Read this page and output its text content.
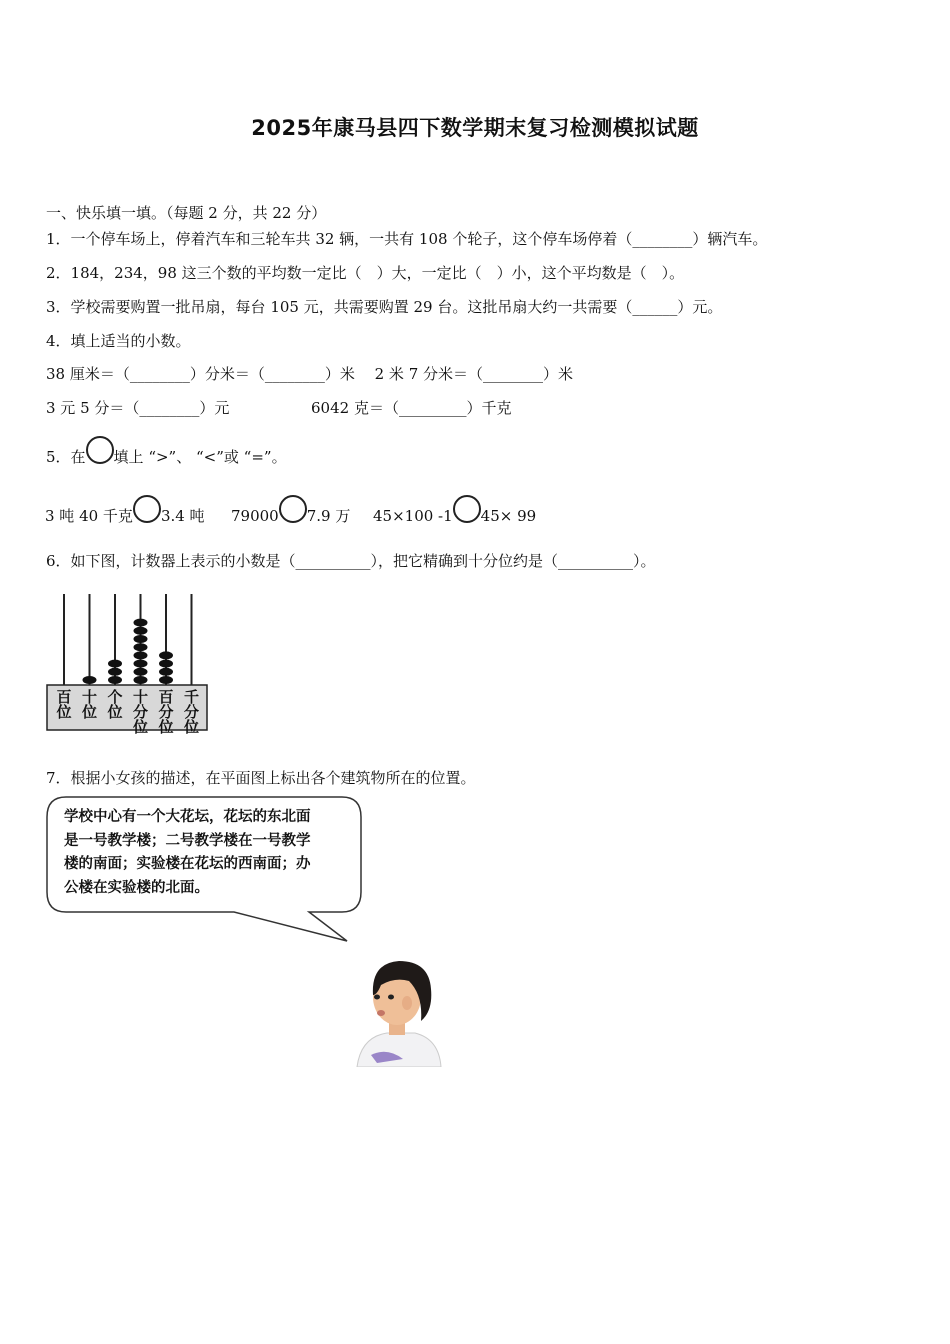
2025年康马县四下数学期末复习检测模拟试题
一、快乐填一填。（每题 2 分，共 22 分）
1．一个停车场上，停着汽车和三轮车共 32 辆，一共有 108 个轮子，这个停车场停着（________）辆汽车。
2．184，234，98 这三个数的平均数一定比（　）大，一定比（　）小，这个平均数是（　）。
3．学校需要购置一批吊扇，每台 105 元，共需要购置 29 台。这批吊扇大约一共需要（______）元。
4．填上适当的小数。
38 厘米＝（________）分米＝（________）米　 2 米 7 分米＝（________）米
3 元 5 分＝（________）元	6042 克＝（_________）千克
5．在 填上 “>”、 “<”或 “=”。
3 吨 40 千克 3.4 吨 79000 7.9 万 45×100 -1 45× 99
6．如下图，计数器上表示的小数是（__________），把它精确到十分位约是（__________）。
百
位
十
位
个
位
十
分
位
百
分
位
千
分
位
7．根据小女孩的描述，在平面图上标出各个建筑物所在的位置。
学校中心有一个大花坛，花坛的东北面
是一号教学楼；二号教学楼在一号教学
楼的南面；实验楼在花坛的西南面；办
公楼在实验楼的北面。
